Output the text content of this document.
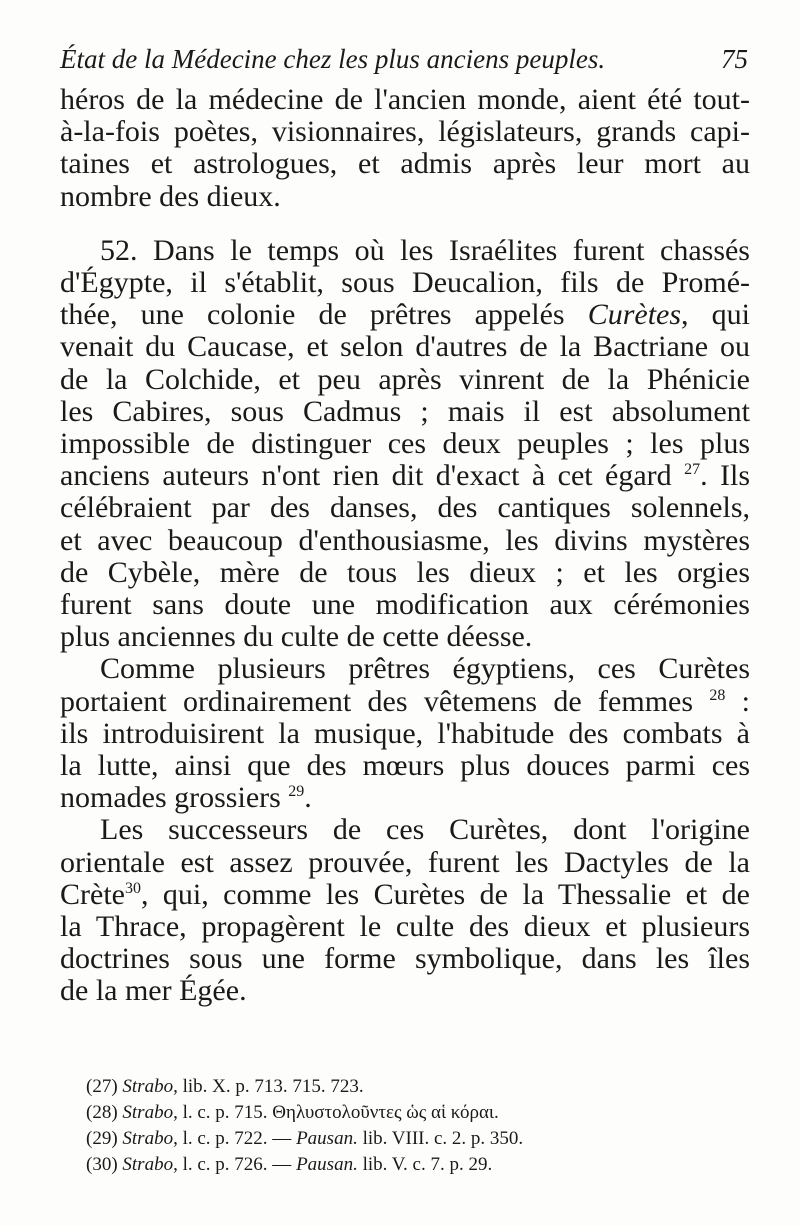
État de la Médecine chez les plus anciens peuples.	75

héros de la médecine de l'ancien monde, aient été tout-
à-la-fois poètes, visionnaires, législateurs, grands capi-
taines et astrologues, et admis après leur mort au
nombre des dieux.

52. Dans le temps où les Israélites furent chassés
d'Égypte, il s'établit, sous Deucalion, fils de Promé-
thée, une colonie de prêtres appelés Curètes, qui
venait du Caucase, et selon d'autres de la Bactriane ou
de la Colchide, et peu après vinrent de la Phénicie
les Cabires, sous Cadmus ; mais il est absolument
impossible de distinguer ces deux peuples ; les plus
anciens auteurs n'ont rien dit d'exact à cet égard $^{27}$. Ils
célébraient par des danses, des cantiques solennels,
et avec beaucoup d'enthousiasme, les divins mystères
de Cybèle, mère de tous les dieux ; et les orgies
furent sans doute une modification aux cérémonies
plus anciennes du culte de cette déesse.

Comme plusieurs prêtres égyptiens, ces Curètes
portaient ordinairement des vêtemens de femmes $^{28}$ :
ils introduisirent la musique, l'habitude des combats à
la lutte, ainsi que des mœurs plus douces parmi ces
nomades grossiers $^{29}$.

Les successeurs de ces Curètes, dont l'origine
orientale est assez prouvée, furent les Dactyles de la
Crète$^{30}$, qui, comme les Curètes de la Thessalie et de
la Thrace, propagèrent le culte des dieux et plusieurs
doctrines sous une forme symbolique, dans les îles
de la mer Égée.

(27) Strabo, lib. X. p. 713. 715. 723.
(28) Strabo, l. c. p. 715. Θηλυστολοῦντες ὡς αἱ κόραι.
(29) Strabo, l. c. p. 722. — Pausan. lib. VIII. c. 2. p. 350.
(30) Strabo, l. c. p. 726. — Pausan. lib. V. c. 7. p. 29.
